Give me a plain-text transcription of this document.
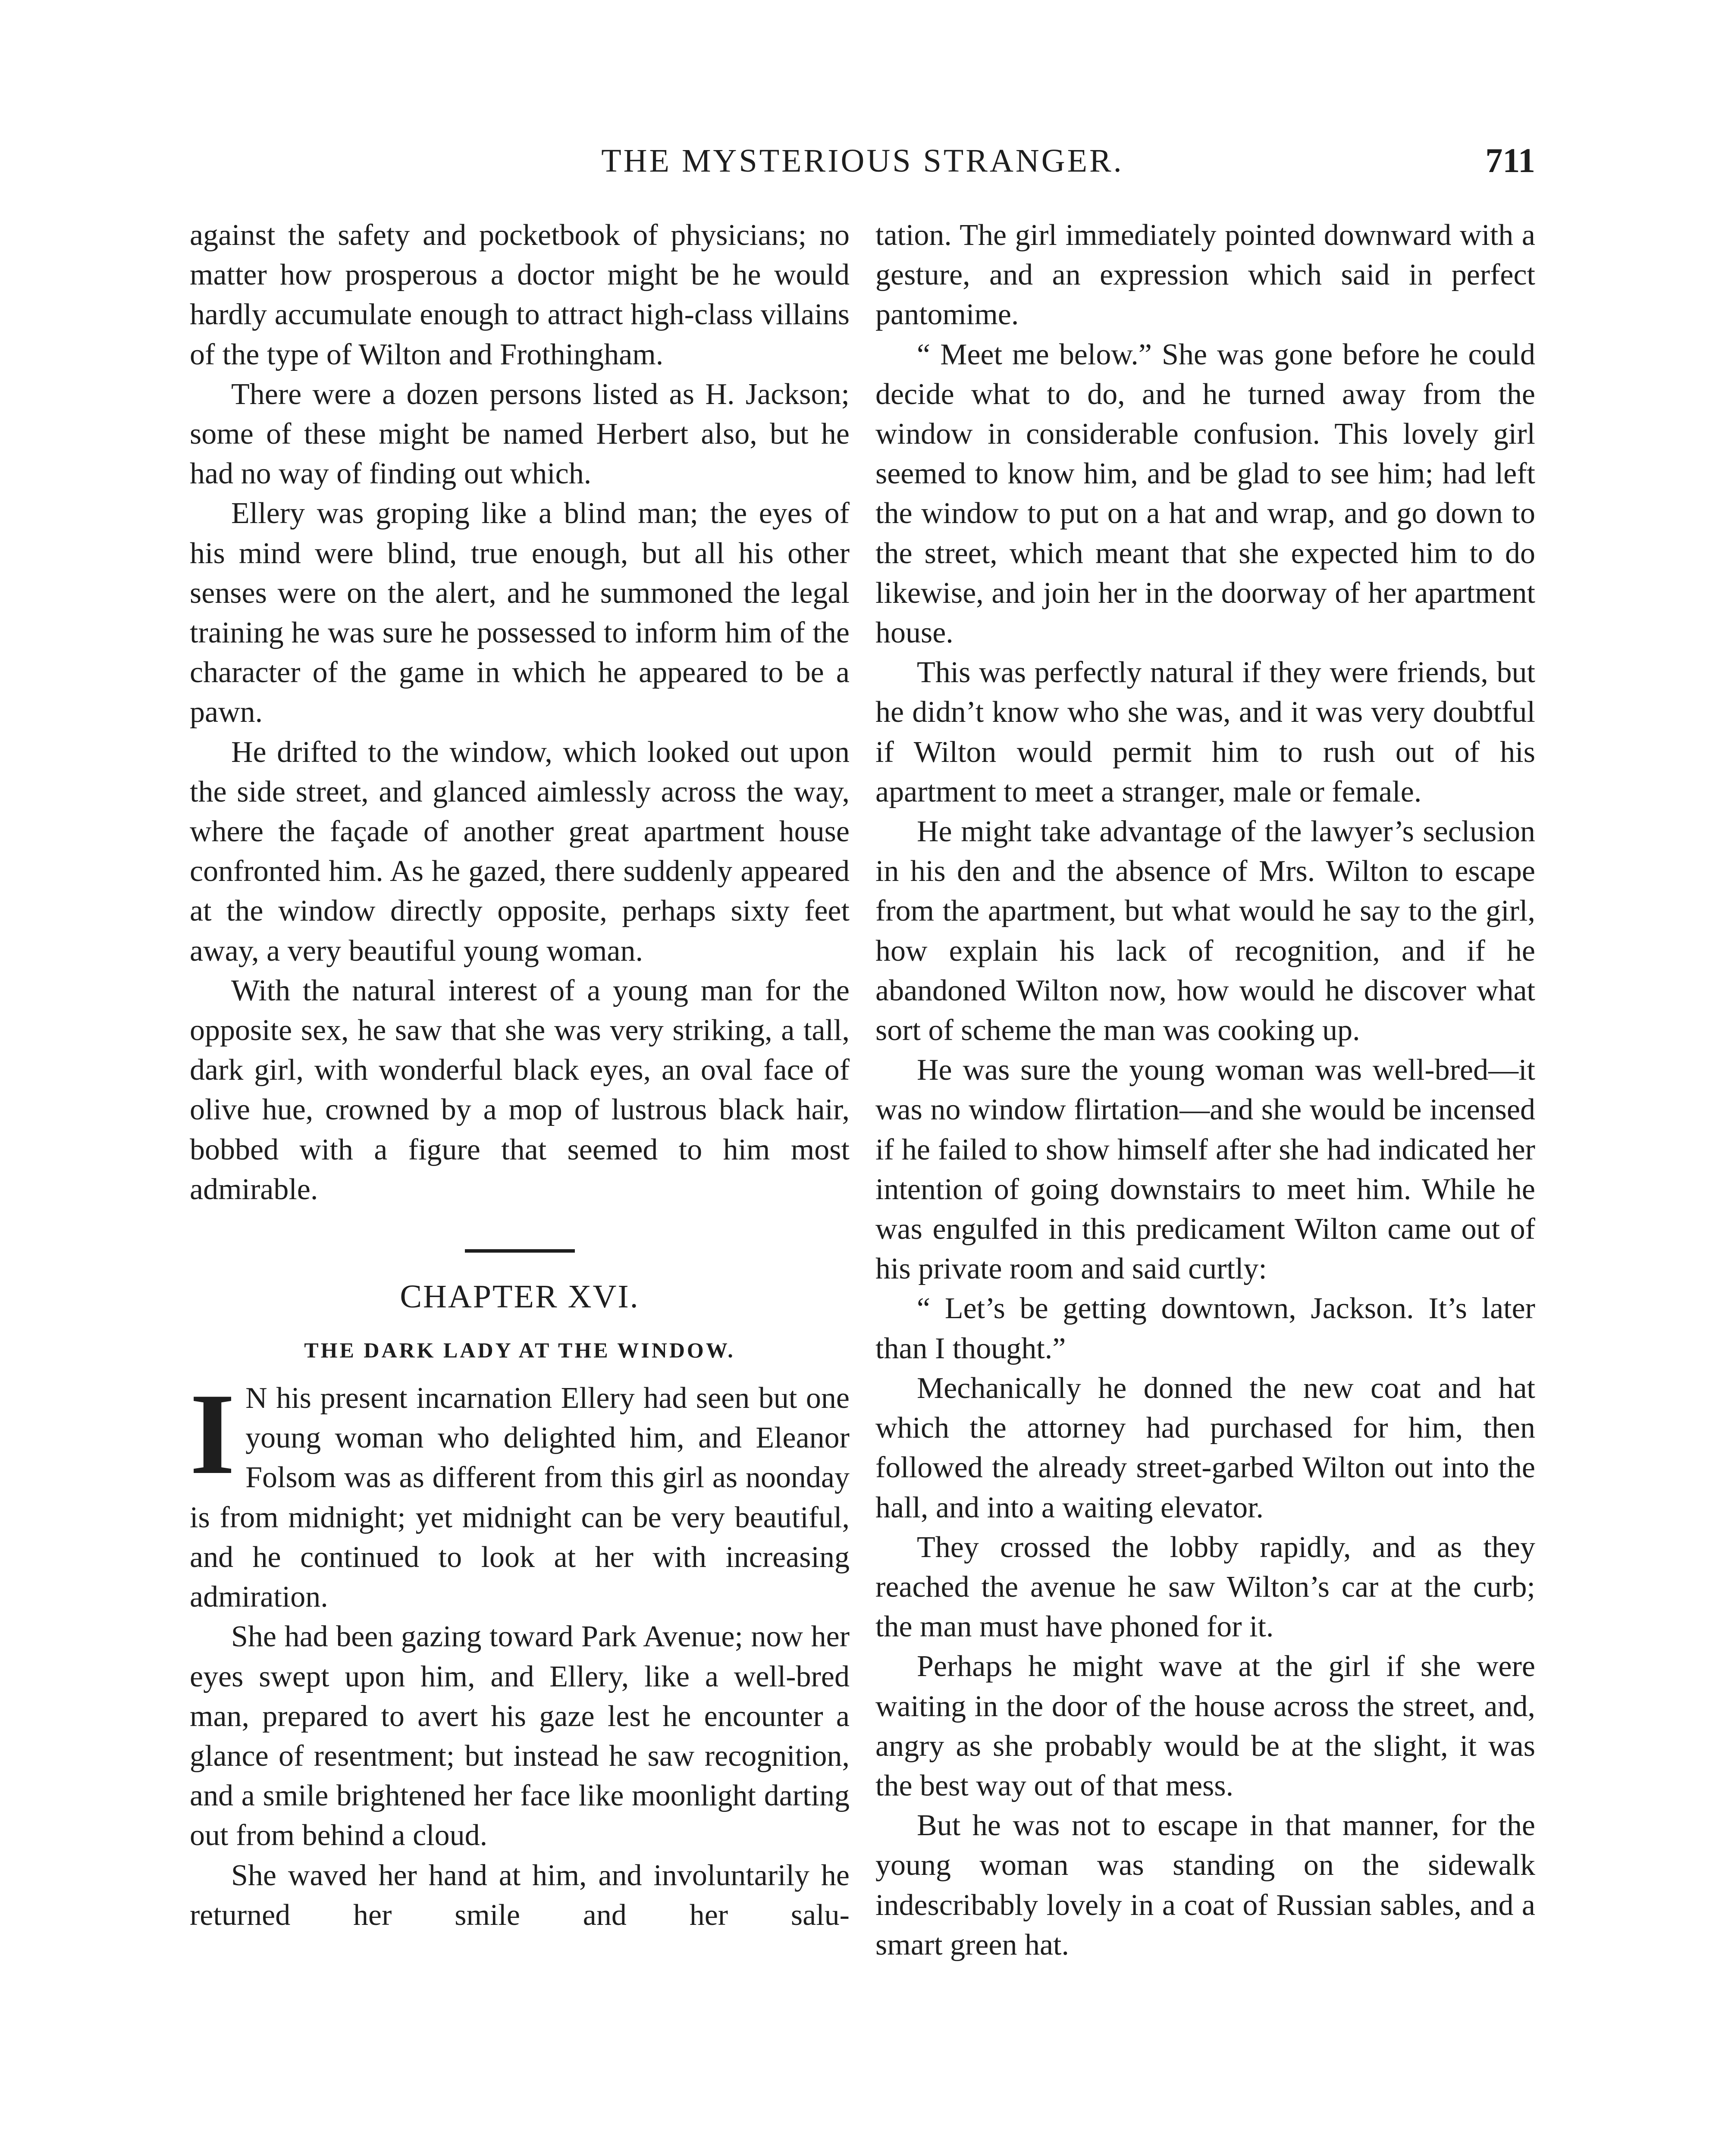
THE MYSTERIOUS STRANGER.	711

against the safety and pocketbook of physicians; no matter how prosperous a doctor might be he would hardly accumulate enough to attract high-class villains of the type of Wilton and Frothingham.

There were a dozen persons listed as H. Jackson; some of these might be named Herbert also, but he had no way of finding out which.

Ellery was groping like a blind man; the eyes of his mind were blind, true enough, but all his other senses were on the alert, and he summoned the legal training he was sure he possessed to inform him of the character of the game in which he appeared to be a pawn.

He drifted to the window, which looked out upon the side street, and glanced aimlessly across the way, where the façade of another great apartment house confronted him. As he gazed, there suddenly appeared at the window directly opposite, perhaps sixty feet away, a very beautiful young woman.

With the natural interest of a young man for the opposite sex, he saw that she was very striking, a tall, dark girl, with wonderful black eyes, an oval face of olive hue, crowned by a mop of lustrous black hair, bobbed with a figure that seemed to him most admirable.

CHAPTER XVI.
THE DARK LADY AT THE WINDOW.

I N his present incarnation Ellery had seen but one young woman who delighted him, and Eleanor Folsom was as different from this girl as noonday is from midnight; yet midnight can be very beautiful, and he continued to look at her with increasing admiration.

She had been gazing toward Park Avenue; now her eyes swept upon him, and Ellery, like a well-bred man, prepared to avert his gaze lest he encounter a glance of resentment; but instead he saw recognition, and a smile brightened her face like moonlight darting out from behind a cloud.

She waved her hand at him, and involuntarily he returned her smile and her salu-

tation. The girl immediately pointed downward with a gesture, and an expression which said in perfect pantomime.

“ Meet me below.” She was gone before he could decide what to do, and he turned away from the window in considerable confusion. This lovely girl seemed to know him, and be glad to see him; had left the window to put on a hat and wrap, and go down to the street, which meant that she expected him to do likewise, and join her in the doorway of her apartment house.

This was perfectly natural if they were friends, but he didn’t know who she was, and it was very doubtful if Wilton would permit him to rush out of his apartment to meet a stranger, male or female.

He might take advantage of the lawyer’s seclusion in his den and the absence of Mrs. Wilton to escape from the apartment, but what would he say to the girl, how explain his lack of recognition, and if he abandoned Wilton now, how would he discover what sort of scheme the man was cooking up.

He was sure the young woman was well-bred—it was no window flirtation—and she would be incensed if he failed to show himself after she had indicated her intention of going downstairs to meet him. While he was engulfed in this predicament Wilton came out of his private room and said curtly:

“ Let’s be getting downtown, Jackson. It’s later than I thought.”

Mechanically he donned the new coat and hat which the attorney had purchased for him, then followed the already street-garbed Wilton out into the hall, and into a waiting elevator.

They crossed the lobby rapidly, and as they reached the avenue he saw Wilton’s car at the curb; the man must have phoned for it.

Perhaps he might wave at the girl if she were waiting in the door of the house across the street, and, angry as she probably would be at the slight, it was the best way out of that mess.

But he was not to escape in that manner, for the young woman was standing on the sidewalk indescribably lovely in a coat of Russian sables, and a smart green hat.
